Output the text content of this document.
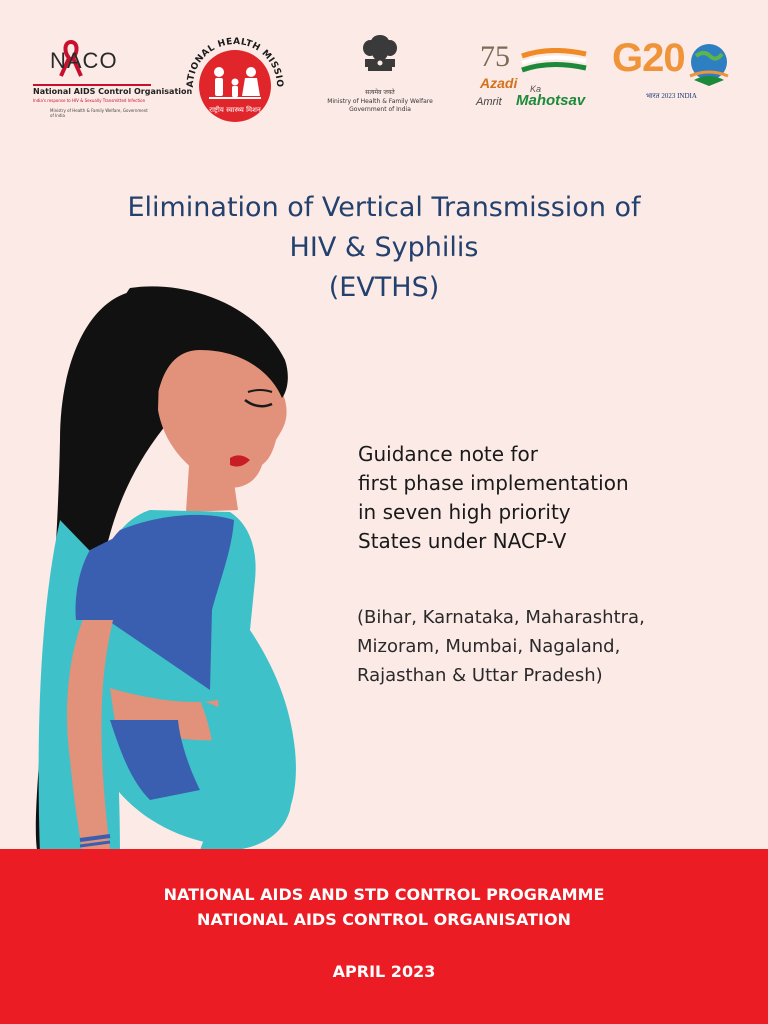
NACO
National AIDS Control Organisation
India's response to HIV & Sexually Transmitted Infection
Ministry of Health & Family Welfare, Government of India
ATIONAL HEALTH MISSIO
राष्ट्रीय स्वास्थ्य मिशन
सत्यमेव जयते
Ministry of Health & Family Welfare
Government of India
75
Azadi Ka
Amrit Mahotsav
G20
भारत 2023 INDIA
Elimination of Vertical Transmission of
HIV & Syphilis
(EVTHS)
Guidance note for
first phase implementation
in seven high priority
States under NACP-V
(Bihar, Karnataka, Maharashtra,
Mizoram, Mumbai, Nagaland,
Rajasthan & Uttar Pradesh)
NATIONAL AIDS AND STD CONTROL PROGRAMME
NATIONAL AIDS CONTROL ORGANISATION
APRIL 2023
